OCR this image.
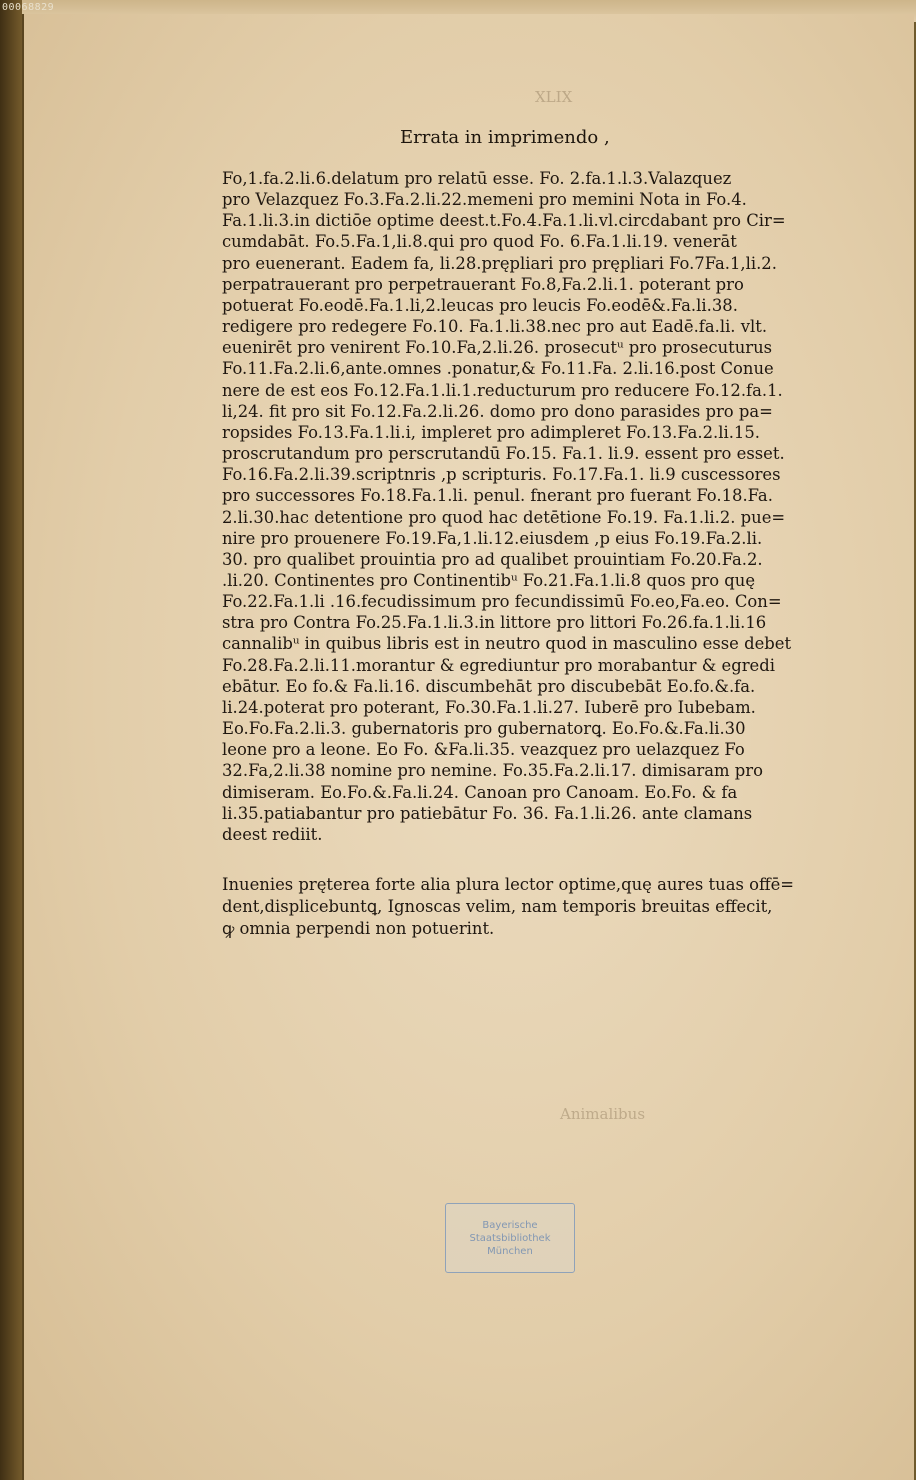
00068829
XLIX
Animalibus
Errata in imprimendo ,
Fo,1.fa.2.li.6.delatum pro relatū esse. Fo. 2.fa.1.l.3.Valazquez
pro Velazquez Fo.3.Fa.2.li.22.memeni pro memini Nota in Fo.4.
Fa.1.li.3.in dictiōe optime deest.t.Fo.4.Fa.1.li.vl.circdabant pro Cir=
cumdabāt. Fo.5.Fa.1,li.8.qui pro quod Fo. 6.Fa.1.li.19. venerāt
pro euenerant. Eadem fa, li.28.prępliari pro prępliari Fo.7Fa.1,li.2.
perpatrauerant pro perpetrauerant Fo.8,Fa.2.li.1. poterant pro
potuerat Fo.eodē.Fa.1.li,2.leucas pro leucis Fo.eodē&.Fa.li.38.
redigere pro redegere Fo.10. Fa.1.li.38.nec pro aut Eadē.fa.li. vlt.
euenirēt pro venirent Fo.10.Fa,2.li.26. prosecutᵘ pro prosecuturus
Fo.11.Fa.2.li.6,ante.omnes .ponatur,& Fo.11.Fa. 2.li.16.post Conue
nere de est eos Fo.12.Fa.1.li.1.reducturum pro reducere Fo.12.fa.1.
li,24. fit pro sit Fo.12.Fa.2.li.26. domo pro dono parasides pro pa=
ropsides Fo.13.Fa.1.li.i, impleret pro adimpleret Fo.13.Fa.2.li.15.
proscrutandum pro perscrutandū Fo.15. Fa.1. li.9. essent pro esset.
Fo.16.Fa.2.li.39.scriptnris ,p scripturis. Fo.17.Fa.1. li.9 cuscessores
pro successores Fo.18.Fa.1.li. penul. fnerant pro fuerant Fo.18.Fa.
2.li.30.hac detentione pro quod hac detētione Fo.19. Fa.1.li.2. pue=
nire pro prouenere Fo.19.Fa,1.li.12.eiusdem ,p eius Fo.19.Fa.2.li.
30. pro qualibet prouintia pro ad qualibet prouintiam Fo.20.Fa.2.
.li.20. Continentes pro Continentibᵘ Fo.21.Fa.1.li.8 quos pro quę
Fo.22.Fa.1.li .16.fecudissimum pro fecundissimū Fo.eo,Fa.eo. Con=
stra pro Contra Fo.25.Fa.1.li.3.in littore pro littori Fo.26.fa.1.li.16
cannalibᵘ in quibus libris est in neutro quod in masculino esse debet
Fo.28.Fa.2.li.11.morantur & egrediuntur pro morabantur & egredi
ebātur. Eo fo.& Fa.li.16. discumbehāt pro discubebāt Eo.fo.&.fa.
li.24.poterat pro poterant, Fo.30.Fa.1.li.27. Iuberē pro Iubebam.
Eo.Fo.Fa.2.li.3. gubernatoris pro gubernatorꝗ. Eo.Fo.&.Fa.li.30
leone pro a leone. Eo Fo. &Fa.li.35. veazquez pro uelazquez Fo
32.Fa,2.li.38 nomine pro nemine. Fo.35.Fa.2.li.17. dimisaram pro
dimiseram. Eo.Fo.&.Fa.li.24. Canoan pro Canoam. Eo.Fo. & fa
li.35.patiabantur pro patiebātur Fo. 36. Fa.1.li.26. ante clamans
deest rediit.
Inuenies pręterea forte alia plura lector optime,quę aures tuas offē=
dent,displicebuntꝗ, Ignoscas velim, nam temporis breuitas effecit,
ꝙ omnia perpendi non potuerint.
Bayerische
Staatsbibliothek
München
